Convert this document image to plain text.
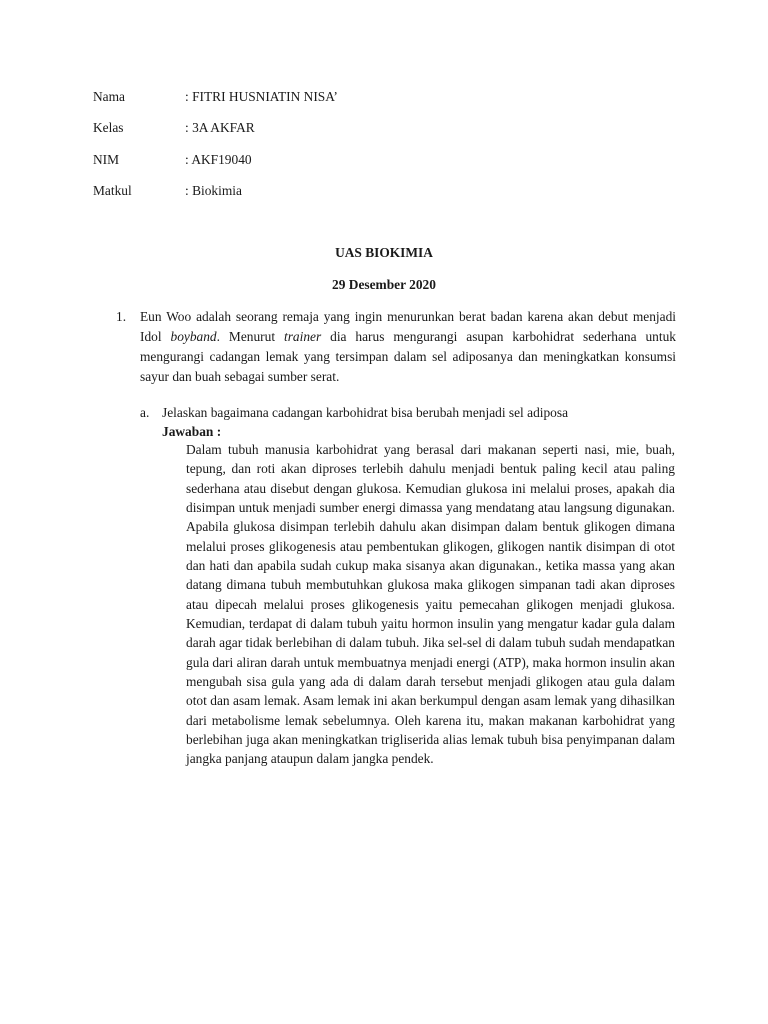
Nama	: FITRI HUSNIATIN NISA’
Kelas	: 3A AKFAR
NIM	: AKF19040
Matkul	: Biokimia
UAS BIOKIMIA
29 Desember 2020
1. Eun Woo adalah seorang remaja yang ingin menurunkan berat badan karena akan debut menjadi Idol boyband. Menurut trainer dia harus mengurangi asupan karbohidrat sederhana untuk mengurangi cadangan lemak yang tersimpan dalam sel adiposanya dan meningkatkan konsumsi sayur dan buah sebagai sumber serat.
a. Jelaskan bagaimana cadangan karbohidrat bisa berubah menjadi sel adiposa
Jawaban :
Dalam tubuh manusia karbohidrat yang berasal dari makanan seperti nasi, mie, buah, tepung, dan roti akan diproses terlebih dahulu menjadi bentuk paling kecil atau paling sederhana atau disebut dengan glukosa. Kemudian glukosa ini melalui proses, apakah dia disimpan untuk menjadi sumber energi dimassa yang mendatang atau langsung digunakan. Apabila glukosa disimpan terlebih dahulu akan disimpan dalam bentuk glikogen dimana melalui proses glikogenesis atau pembentukan glikogen, glikogen nantik disimpan di otot dan hati dan apabila sudah cukup maka sisanya akan digunakan., ketika massa yang akan datang dimana tubuh membutuhkan glukosa maka glikogen simpanan tadi akan diproses atau dipecah melalui proses glikogenesis yaitu pemecahan glikogen menjadi glukosa. Kemudian, terdapat di dalam tubuh yaitu hormon insulin yang mengatur kadar gula dalam darah agar tidak berlebihan di dalam tubuh. Jika sel-sel di dalam tubuh sudah mendapatkan gula dari aliran darah untuk membuatnya menjadi energi (ATP), maka hormon insulin akan mengubah sisa gula yang ada di dalam darah tersebut menjadi glikogen atau gula dalam otot dan asam lemak. Asam lemak ini akan berkumpul dengan asam lemak yang dihasilkan dari metabolisme lemak sebelumnya. Oleh karena itu, makan makanan karbohidrat yang berlebihan juga akan meningkatkan trigliserida alias lemak tubuh bisa penyimpanan dalam jangka panjang ataupun dalam jangka pendek.
